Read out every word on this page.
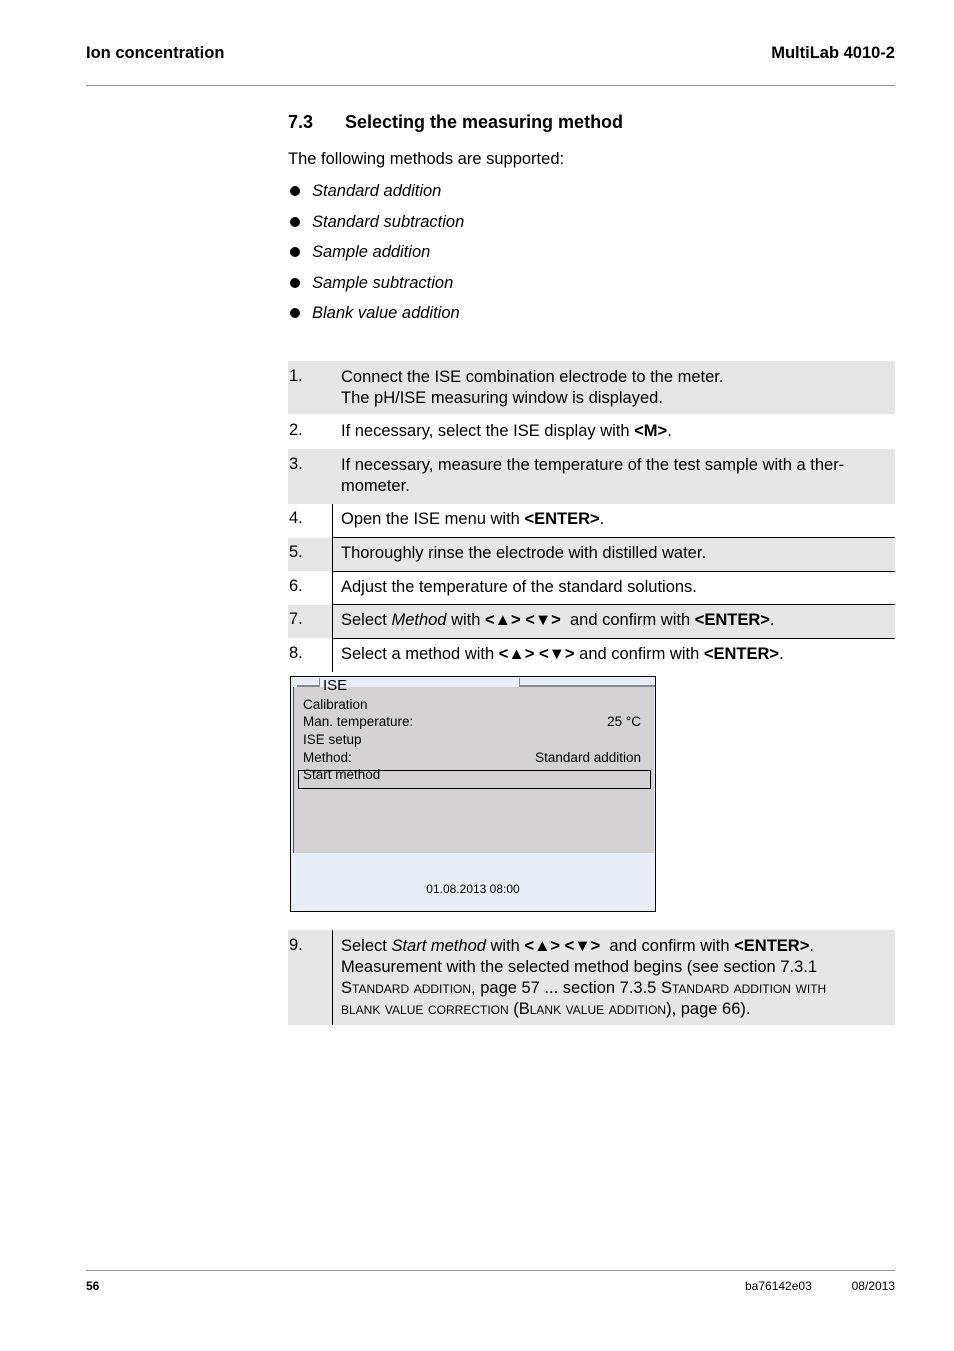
Ion concentration	MultiLab 4010-2
7.3 Selecting the measuring method
The following methods are supported:
Standard addition
Standard subtraction
Sample addition
Sample subtraction
Blank value addition
1. Connect the ISE combination electrode to the meter.
The pH/ISE measuring window is displayed.
2. If necessary, select the ISE display with <M>.
3. If necessary, measure the temperature of the test sample with a ther-
mometer.
4. Open the ISE menu with <ENTER>.
5. Thoroughly rinse the electrode with distilled water.
6. Adjust the temperature of the standard solutions.
7. Select Method with <▲> <▼>  and confirm with <ENTER>.
8. Select a method with <▲> <▼> and confirm with <ENTER>.
ISE
Calibration
Man. temperature:	25 °C
ISE setup
Method:	Standard addition
Start method
01.08.2013 08:00
9. Select Start method with <▲> <▼>  and confirm with <ENTER>.
Measurement with the selected method begins (see section 7.3.1
Standard addition, page 57 ... section 7.3.5 Standard addition with
blank value correction (Blank value addition), page 66).
56	ba76142e03	08/2013
